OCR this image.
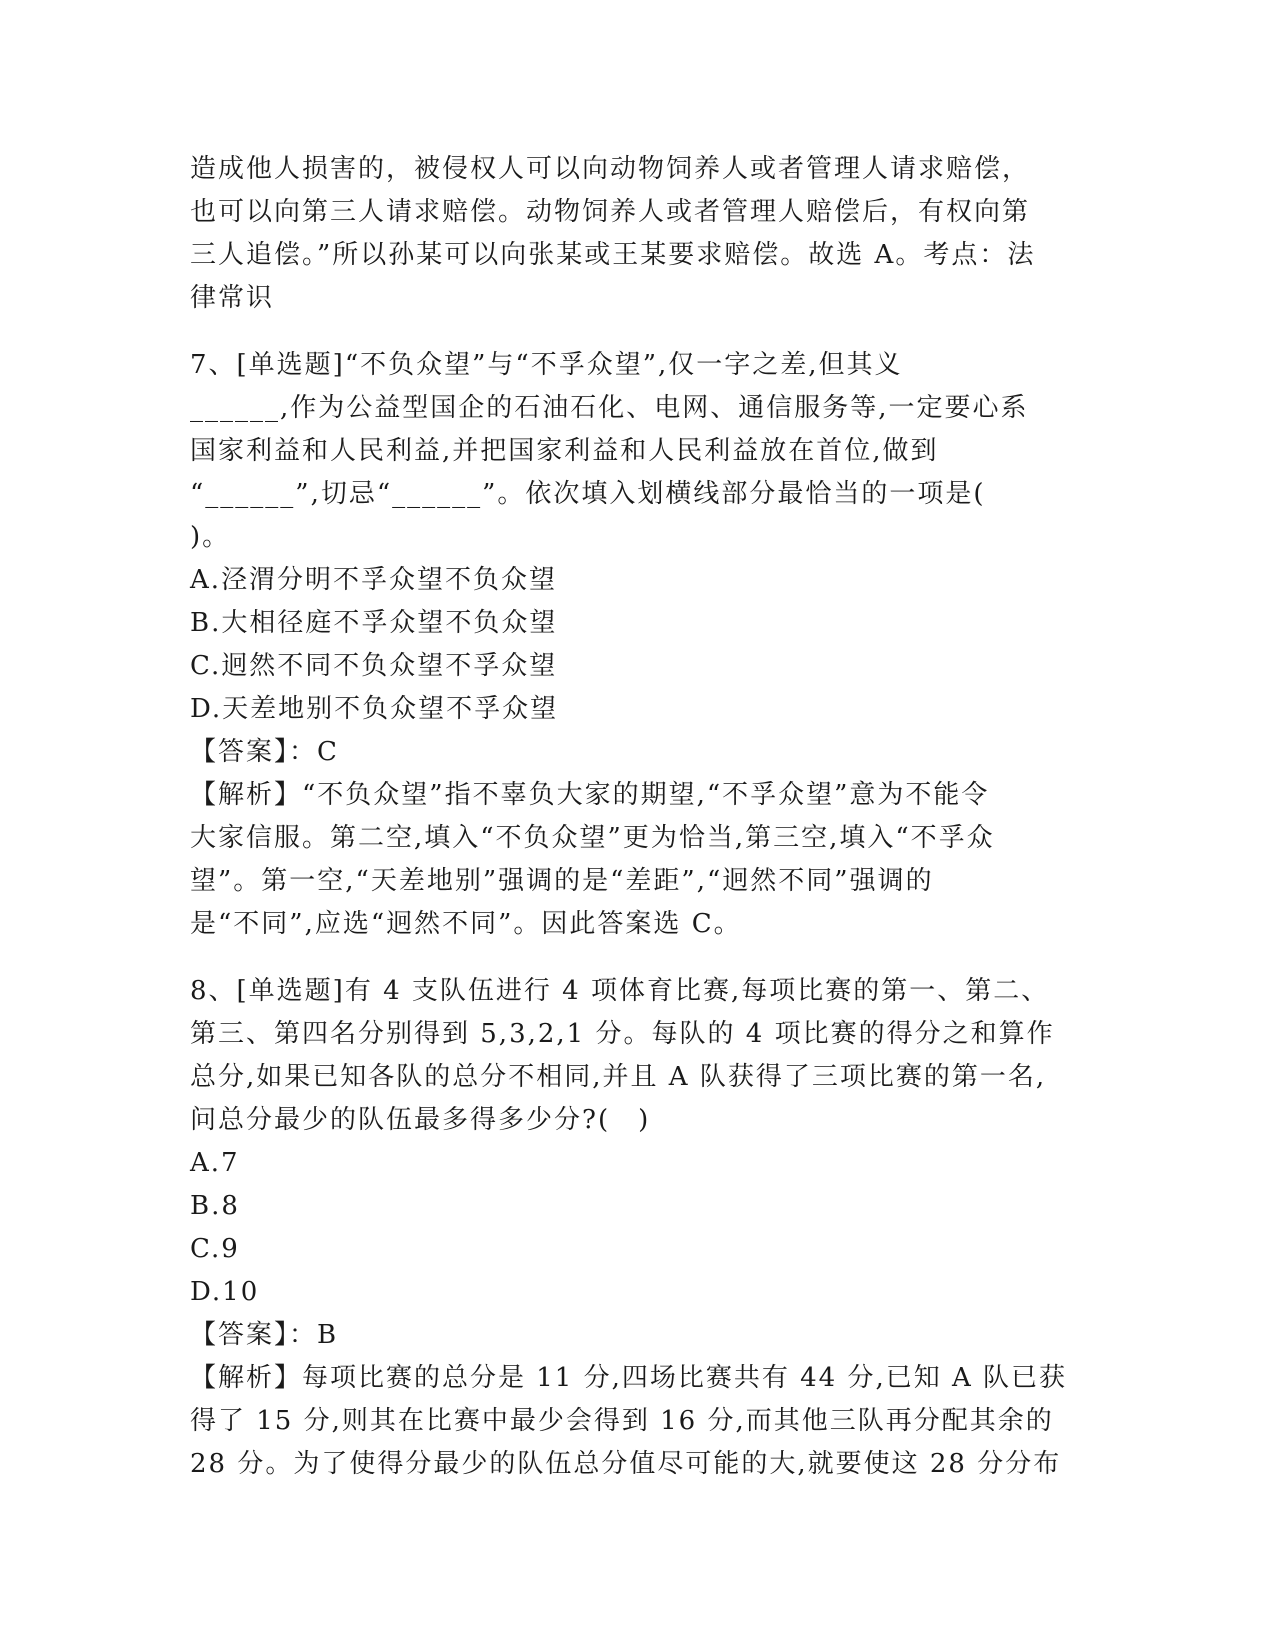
造成他人损害的，被侵权人可以向动物饲养人或者管理人请求赔偿，
也可以向第三人请求赔偿。动物饲养人或者管理人赔偿后，有权向第
三人追偿。”所以孙某可以向张某或王某要求赔偿。故选 A。考点：法
律常识
7、[单选题]“不负众望”与“不孚众望”,仅一字之差,但其义
______,作为公益型国企的石油石化、电网、通信服务等,一定要心系
国家利益和人民利益,并把国家利益和人民利益放在首位,做到
“______”,切忌“______”。依次填入划横线部分最恰当的一项是(
)。
A.泾渭分明不孚众望不负众望
B.大相径庭不孚众望不负众望
C.迥然不同不负众望不孚众望
D.天差地别不负众望不孚众望
【答案】：C
【解析】“不负众望”指不辜负大家的期望,“不孚众望”意为不能令
大家信服。第二空,填入“不负众望”更为恰当,第三空,填入“不孚众
望”。第一空,“天差地别”强调的是“差距”,“迥然不同”强调的
是“不同”,应选“迥然不同”。因此答案选 C。
8、[单选题]有 4 支队伍进行 4 项体育比赛,每项比赛的第一、第二、
第三、第四名分别得到 5,3,2,1 分。每队的 4 项比赛的得分之和算作
总分,如果已知各队的总分不相同,并且 A 队获得了三项比赛的第一名,
问总分最少的队伍最多得多少分?(　)
A.7
B.8
C.9
D.10
【答案】：B
【解析】每项比赛的总分是 11 分,四场比赛共有 44 分,已知 A 队已获
得了 15 分,则其在比赛中最少会得到 16 分,而其他三队再分配其余的
28 分。为了使得分最少的队伍总分值尽可能的大,就要使这 28 分分布
